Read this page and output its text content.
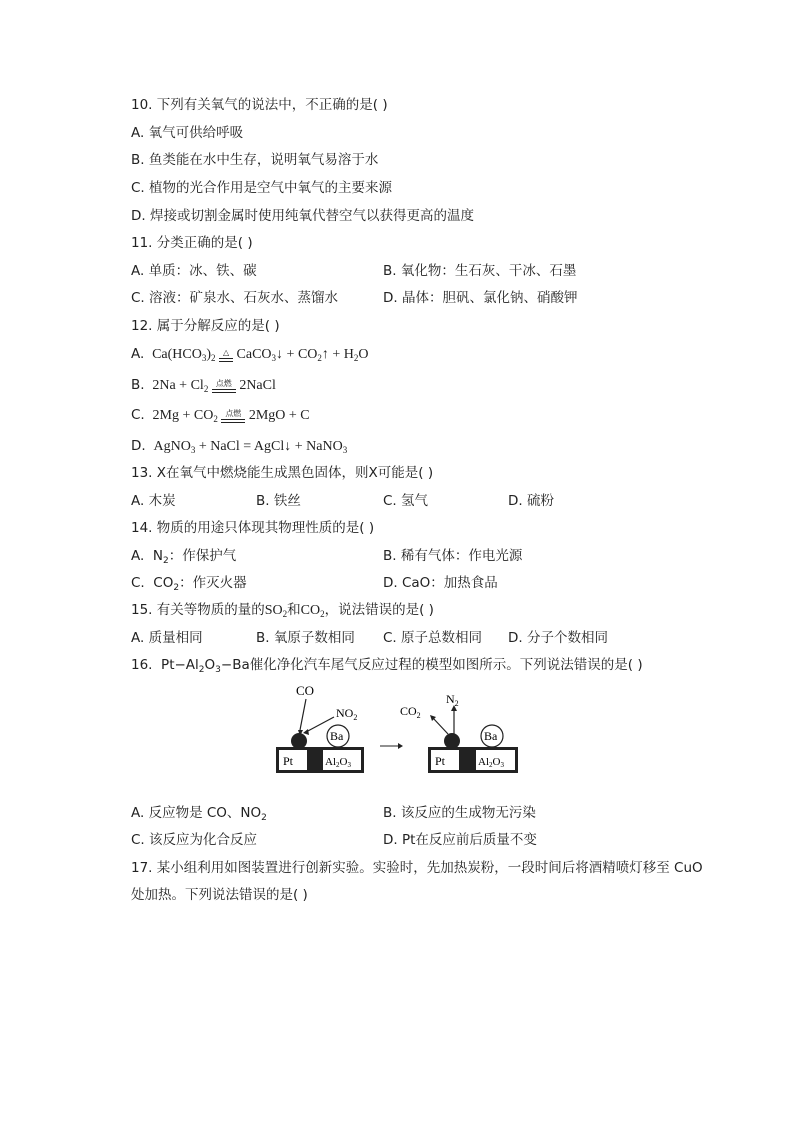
10. 下列有关氧气的说法中，不正确的是( )
A. 氧气可供给呼吸
B. 鱼类能在水中生存，说明氧气易溶于水
C. 植物的光合作用是空气中氧气的主要来源
D. 焊接或切割金属时使用纯氧代替空气以获得更高的温度
11. 分类正确的是( )
A. 单质：冰、铁、碳	B. 氧化物：生石灰、干冰、石墨
C. 溶液：矿泉水、石灰水、蒸馏水	D. 晶体：胆矾、氯化钠、硝酸钾
12. 属于分解反应的是( )
A.  $Ca(HCO_3)_2$
△ CaCO$_3$↓ + $CO_2↑ + H_2O$
B.  $2Na + Cl_2$
点燃 2NaCl
C.  $2Mg + CO_2$
点燃 2MgO + C
D.  AgNO$_3$ + NaCl = AgCl↓ + NaNO$_3$
13. X在氧气中燃烧能生成黑色固体，则X可能是( )
A. 木炭	B. 铁丝	C. 氢气	D. 硫粉
14. 物质的用途只体现其物理性质的是( )
A.  $N_2$：作保护气	B. 稀有气体：作电光源
C.  $CO_2$：作灭火器	D. CaO：加热食品
15. 有关等物质的量的$SO_2$和$CO_2$，说法错误的是( )
A. 质量相同	B. 氧原子数相同 C. 原子总数相同 D. 分子个数相同
16.  $Pt-Al_2O_3-Ba$催化净化汽车尾气反应过程的模型如图所示。下列说法错误的是( )
CO
$NO_2$
Ba
Pt	Al2O3
$CO_2$
$N_2$
Ba
Pt	Al2O3
A. 反应物是 CO、$NO_2$	B. 该反应的生成物无污染
C. 该反应为化合反应	D. Pt在反应前后质量不变
17. 某小组利用如图装置进行创新实验。实验时，先加热炭粉，一段时间后将酒精喷灯移至 CuO
处加热。下列说法错误的是( )
